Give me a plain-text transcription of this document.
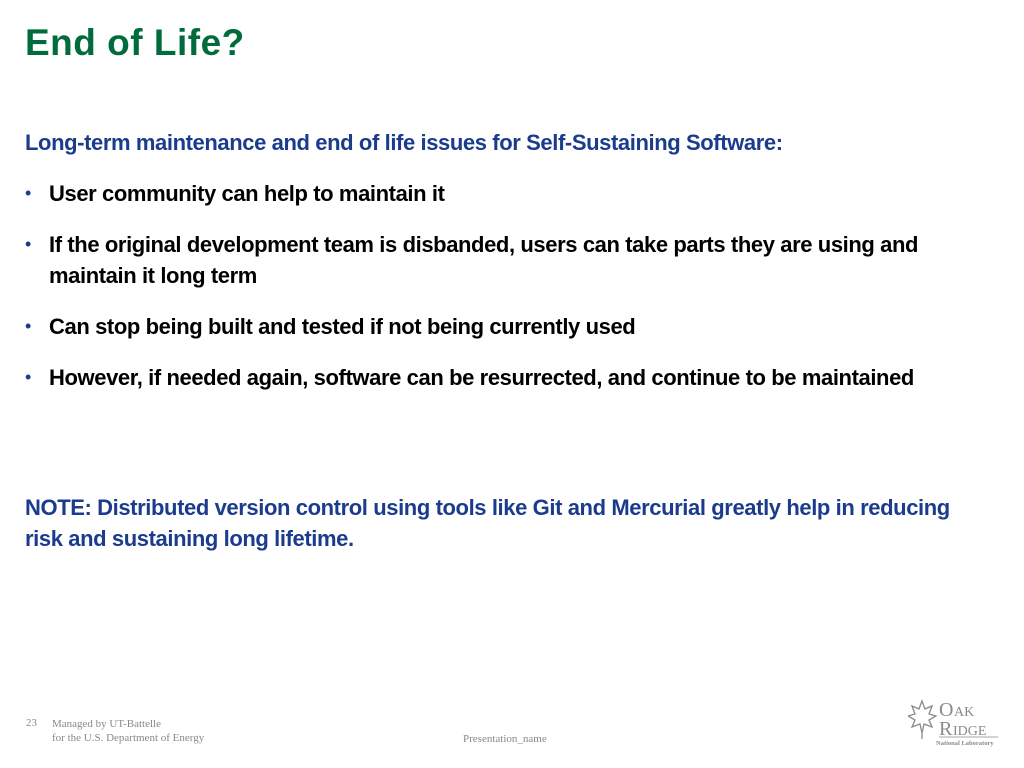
End of Life?

Long-term maintenance and end of life issues for Self-Sustaining Software:

• User community can help to maintain it
• If the original development team is disbanded, users can take parts they are using and maintain it long term
• Can stop being built and tested if not being currently used
• However, if needed again, software can be resurrected, and continue to be maintained

NOTE: Distributed version control using tools like Git and Mercurial greatly help in reducing risk and sustaining long lifetime.

23 Managed by UT-Battelle
for the U.S. Department of Energy	Presentation_name
O AK
R IDGE
National Laboratory
